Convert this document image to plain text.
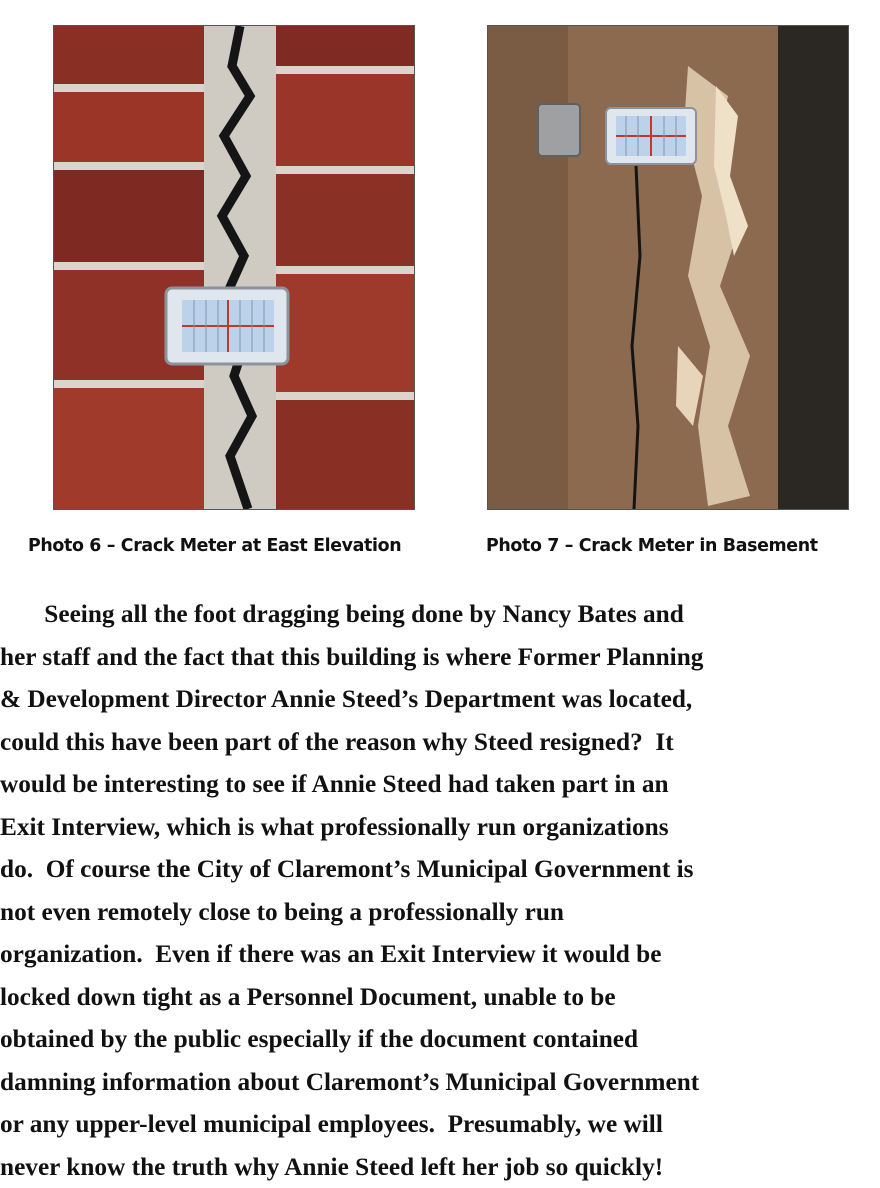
Photo 6 – Crack Meter at East Elevation	Photo 7 – Crack Meter in Basement
Seeing all the foot dragging being done by Nancy Bates and
her staff and the fact that this building is where Former Planning
& Development Director Annie Steed’s Department was located,
could this have been part of the reason why Steed resigned?  It
would be interesting to see if Annie Steed had taken part in an
Exit Interview, which is what professionally run organizations
do.  Of course the City of Claremont’s Municipal Government is
not even remotely close to being a professionally run
organization.  Even if there was an Exit Interview it would be
locked down tight as a Personnel Document, unable to be
obtained by the public especially if the document contained
damning information about Claremont’s Municipal Government
or any upper-level municipal employees.  Presumably, we will
never know the truth why Annie Steed left her job so quickly!
